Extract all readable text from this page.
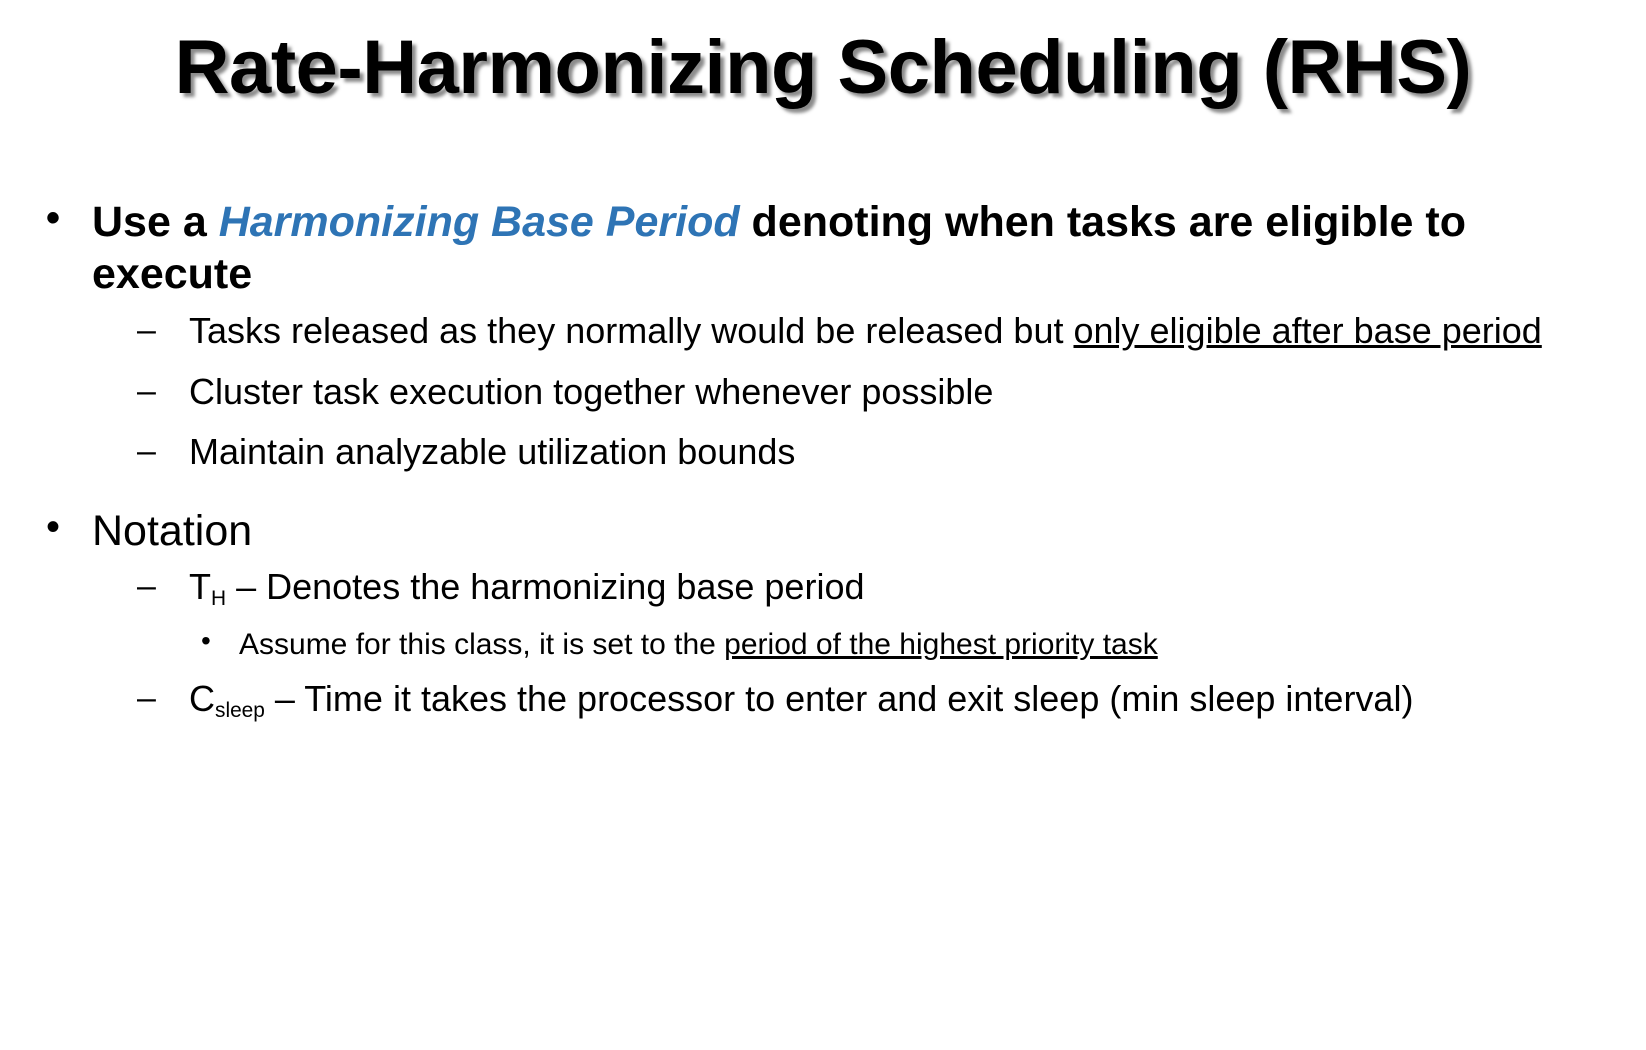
Rate-Harmonizing Scheduling (RHS)
• Use a Harmonizing Base Period denoting when tasks are eligible to execute
– Tasks released as they normally would be released but only eligible after base period
– Cluster task execution together whenever possible
– Maintain analyzable utilization bounds
• Notation
– $T_H$ – Denotes the harmonizing base period
• Assume for this class, it is set to the period of the highest priority task
– $C_{sleep}$ – Time it takes the processor to enter and exit sleep (min sleep interval)
